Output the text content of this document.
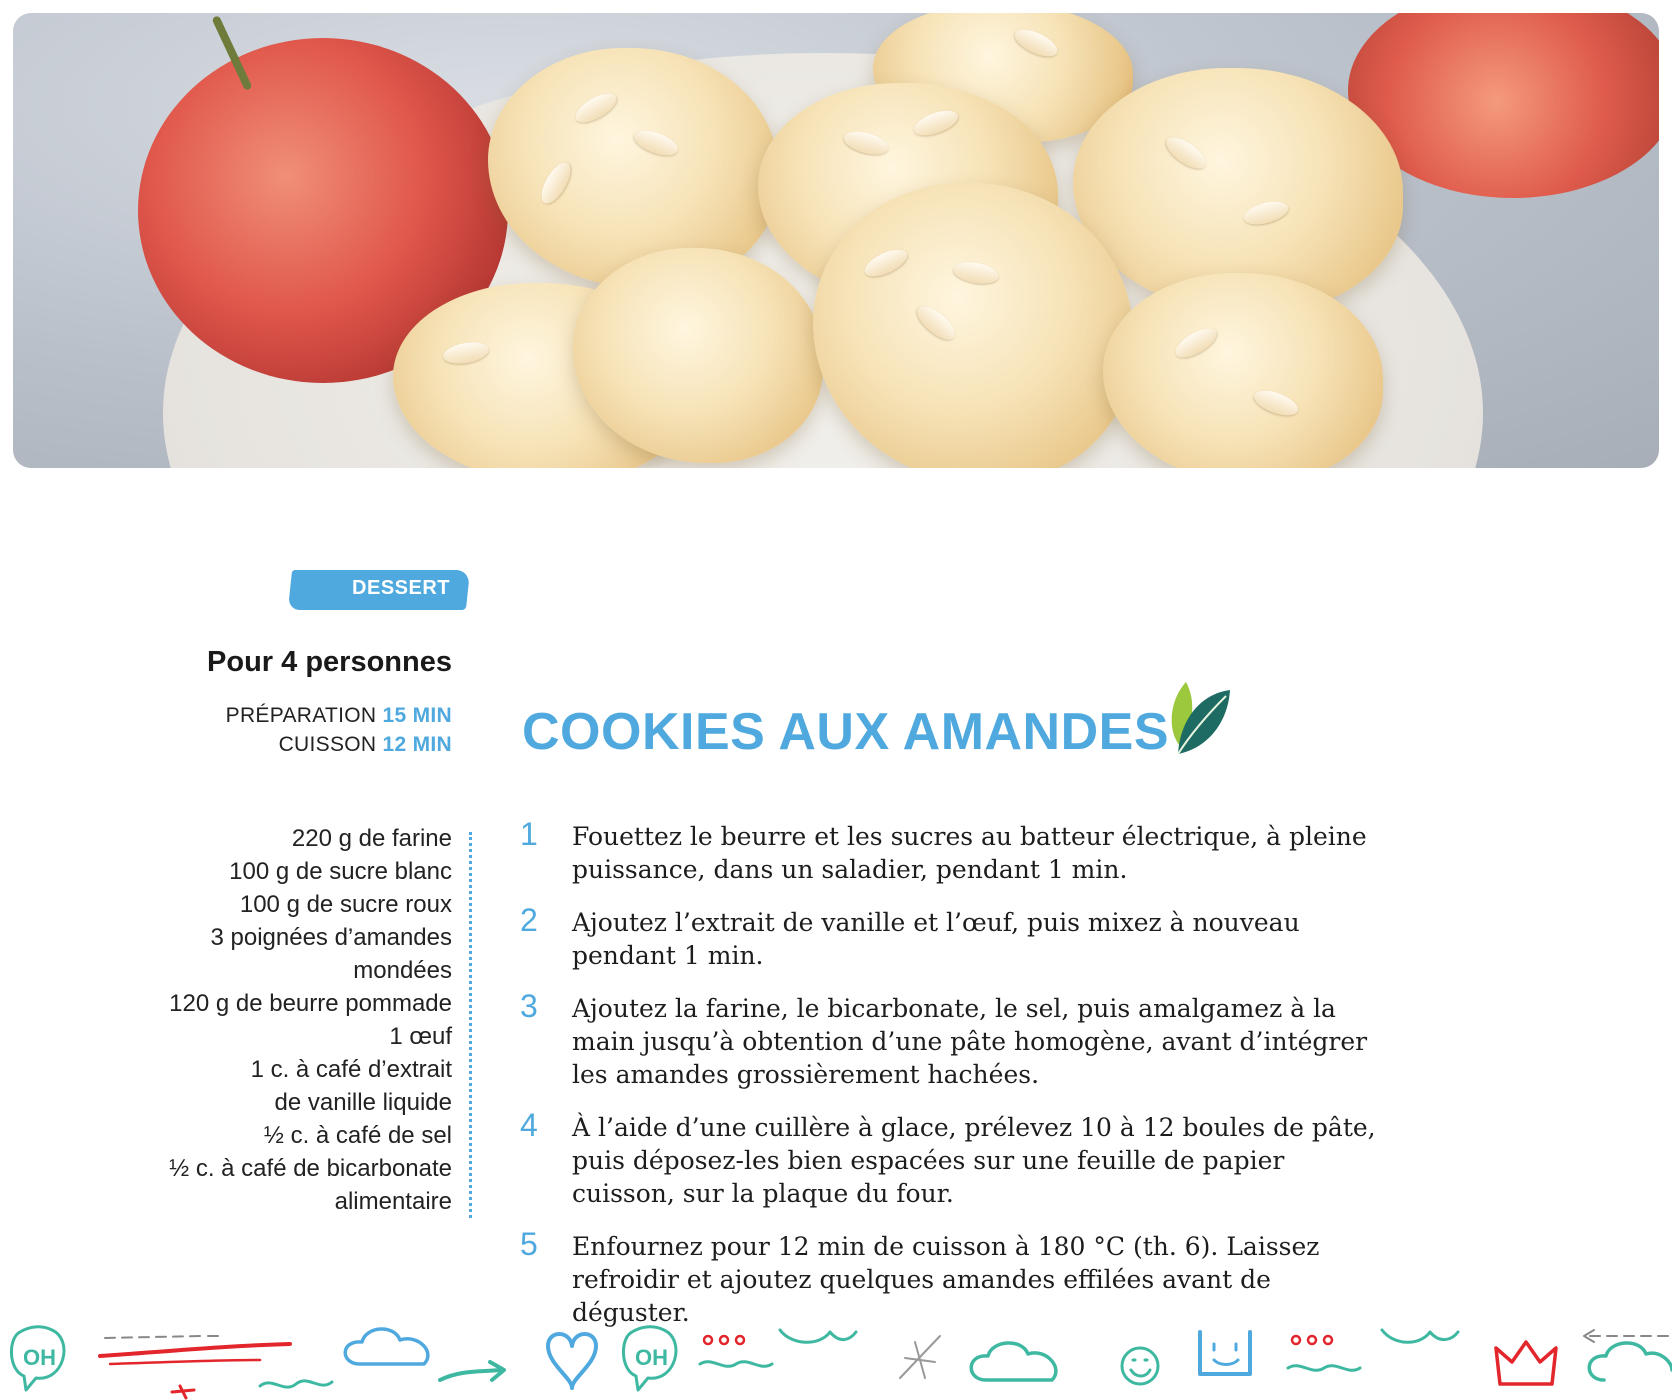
DESSERT
Pour 4 personnes
PRÉPARATION 15 MIN
CUISSON 12 MIN COOKIES AUX AMANDES
220 g de farine
100 g de sucre blanc
100 g de sucre roux
3 poignées d’amandes
mondées
120 g de beurre pommade
1 œuf
1 c. à café d’extrait
de vanille liquide
½ c. à café de sel
½ c. à café de bicarbonate
alimentaire
1 Fouettez le beurre et les sucres au batteur électrique, à pleine puissance, dans un saladier, pendant 1 min.
2 Ajoutez l’extrait de vanille et l’œuf, puis mixez à nouveau pendant 1 min.
3 Ajoutez la farine, le bicarbonate, le sel, puis amalgamez à la main jusqu’à obtention d’une pâte homogène, avant d’intégrer les amandes grossièrement hachées.
4 À l’aide d’une cuillère à glace, prélevez 10 à 12 boules de pâte, puis déposez-les bien espacées sur une feuille de papier cuisson, sur la plaque du four.
5 Enfournez pour 12 min de cuisson à 180 °C (th. 6). Laissez refroidir et ajoutez quelques amandes effilées avant de déguster.
OH	OH
